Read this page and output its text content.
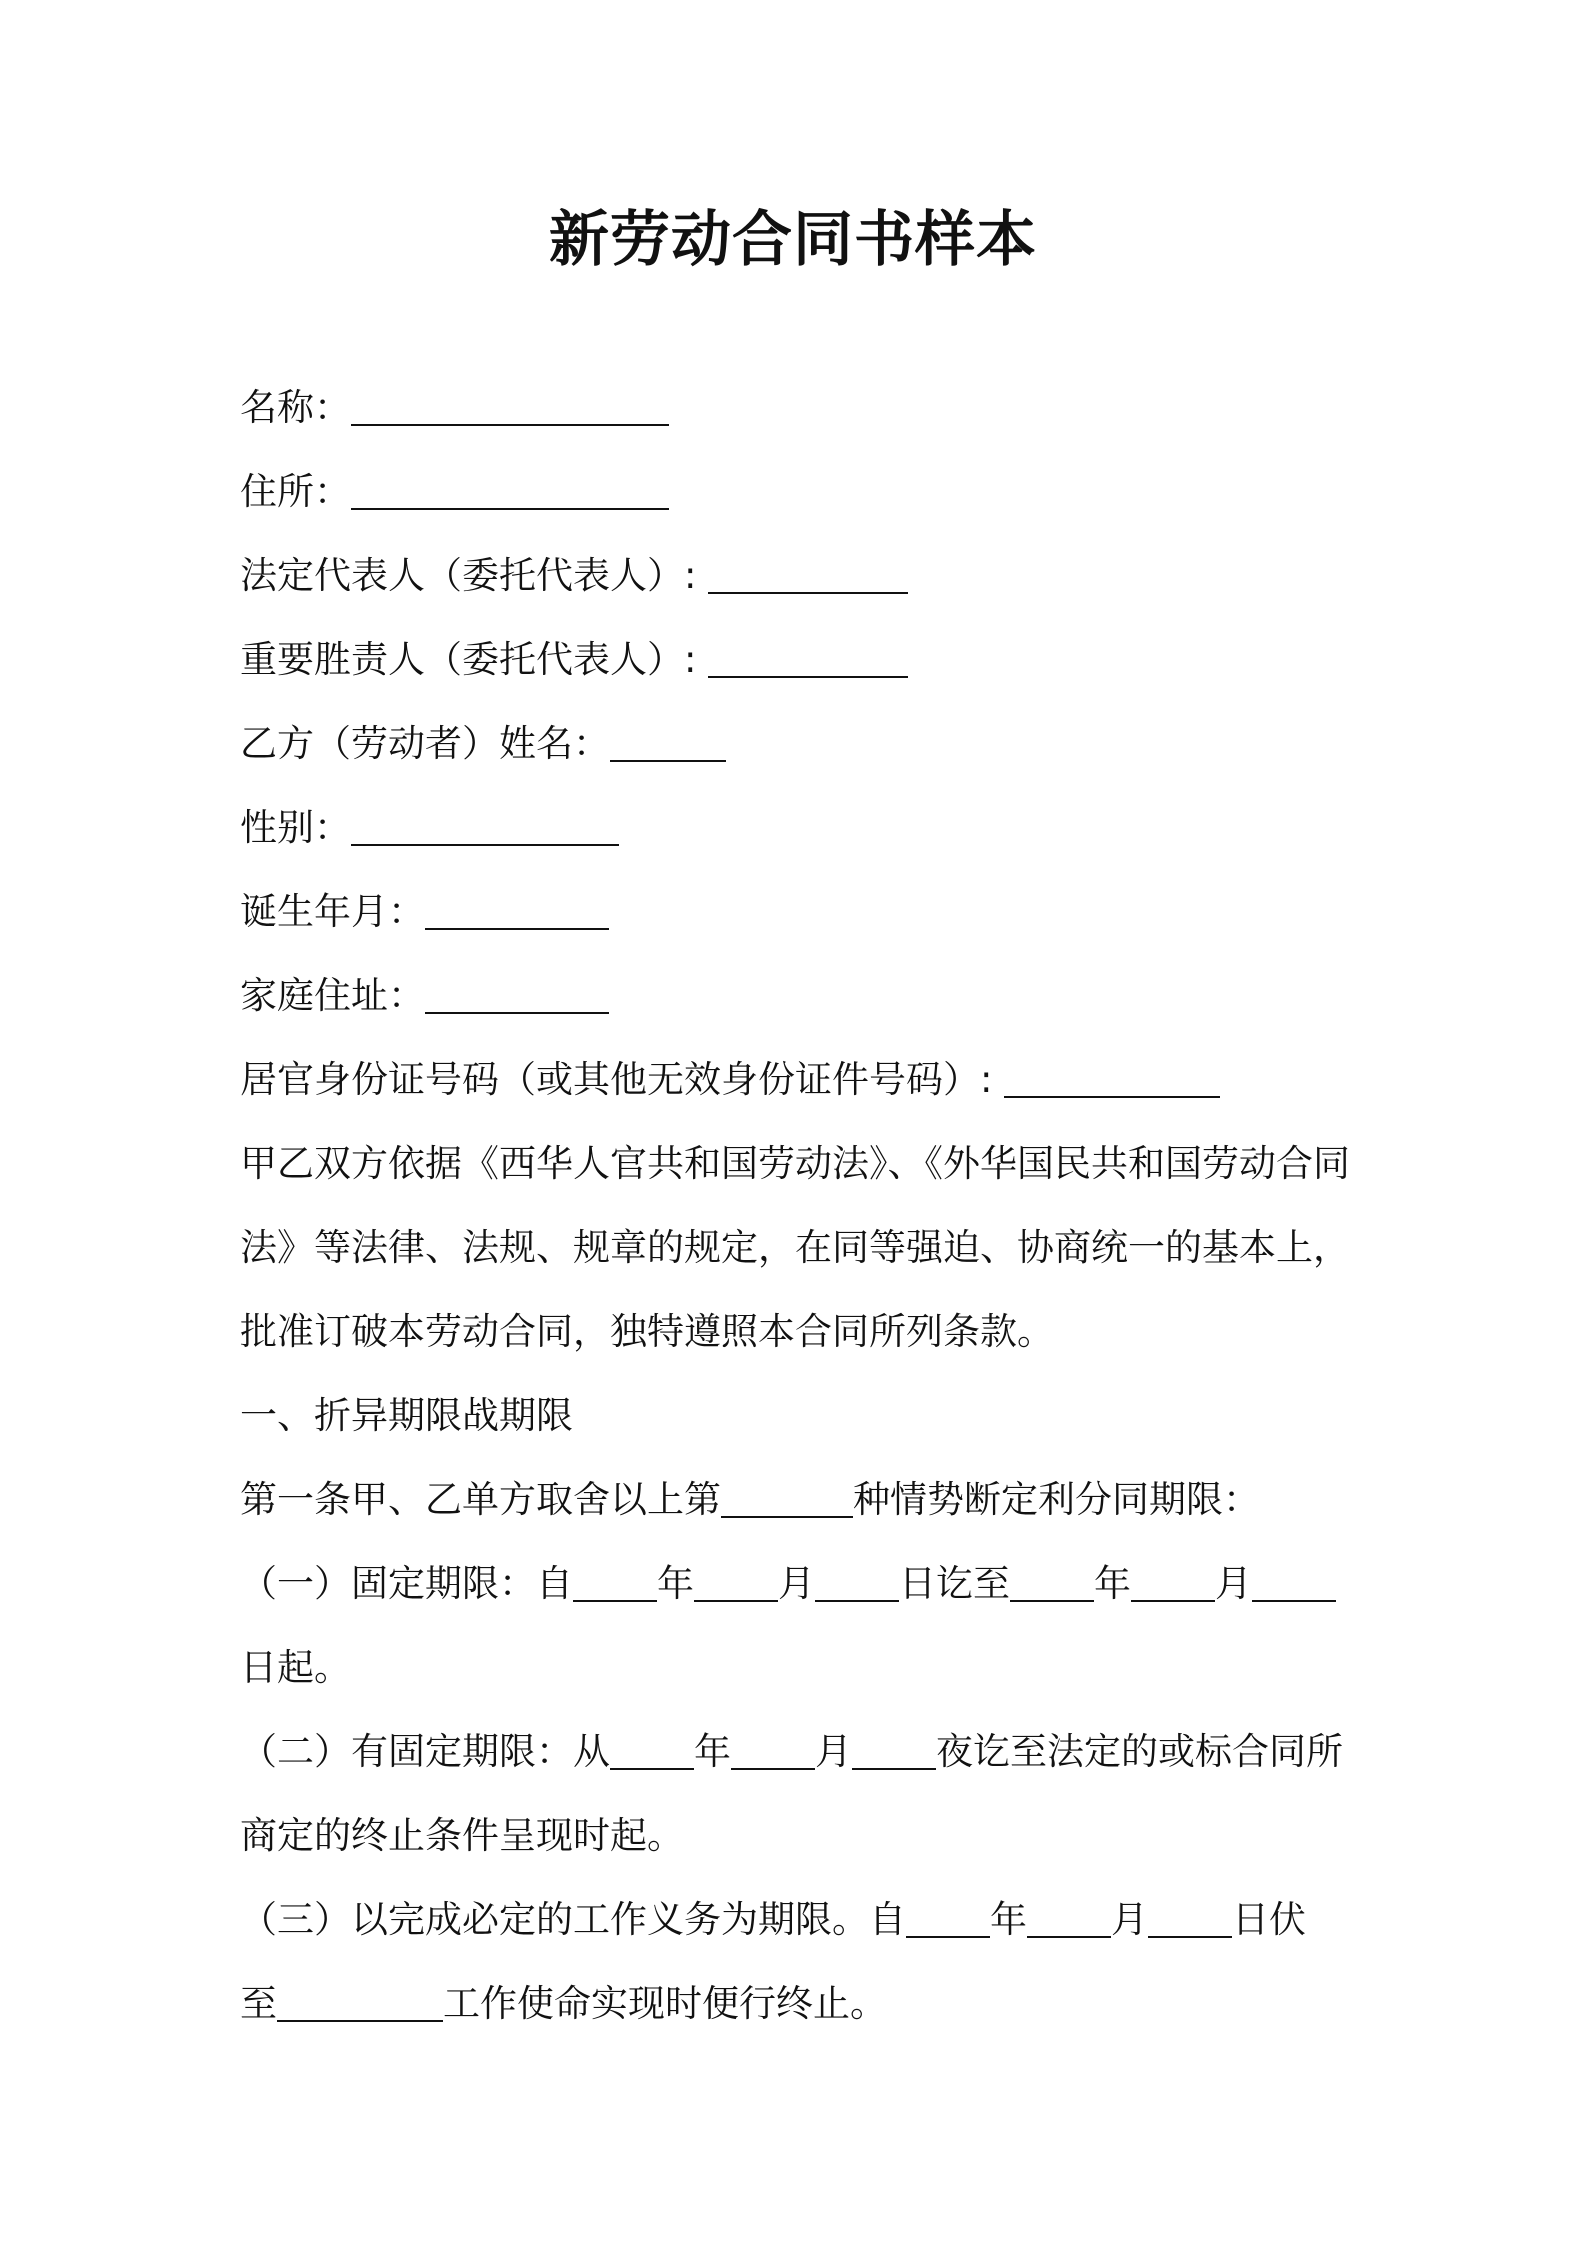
新劳动合同书样本
名称：
住所：
法定代表人（委托代表人）:
重要胜责人（委托代表人）:
乙方（劳动者）姓名：
性别：
诞生年月：
家庭住址：
居官身份证号码（或其他无效身份证件号码）:
甲乙双方依据《西华人官共和国劳动法》、《外华国民共和国劳动合同
法》等法律、法规、规章的规定，在同等强迫、协商统一的基本上，
批准订破本劳动合同，独特遵照本合同所列条款。
一、折异期限战期限
第一条甲、乙单方取舍以上第	种情势断定利分同期限：
（一）固定期限：自 年 月 日讫至 年 月
日起。
（二）有固定期限：从 年 月 夜讫至法定的或标合同所
商定的终止条件呈现时起。
（三）以完成必定的工作义务为期限。自 年 月 日伏
至	工作使命实现时便行终止。
